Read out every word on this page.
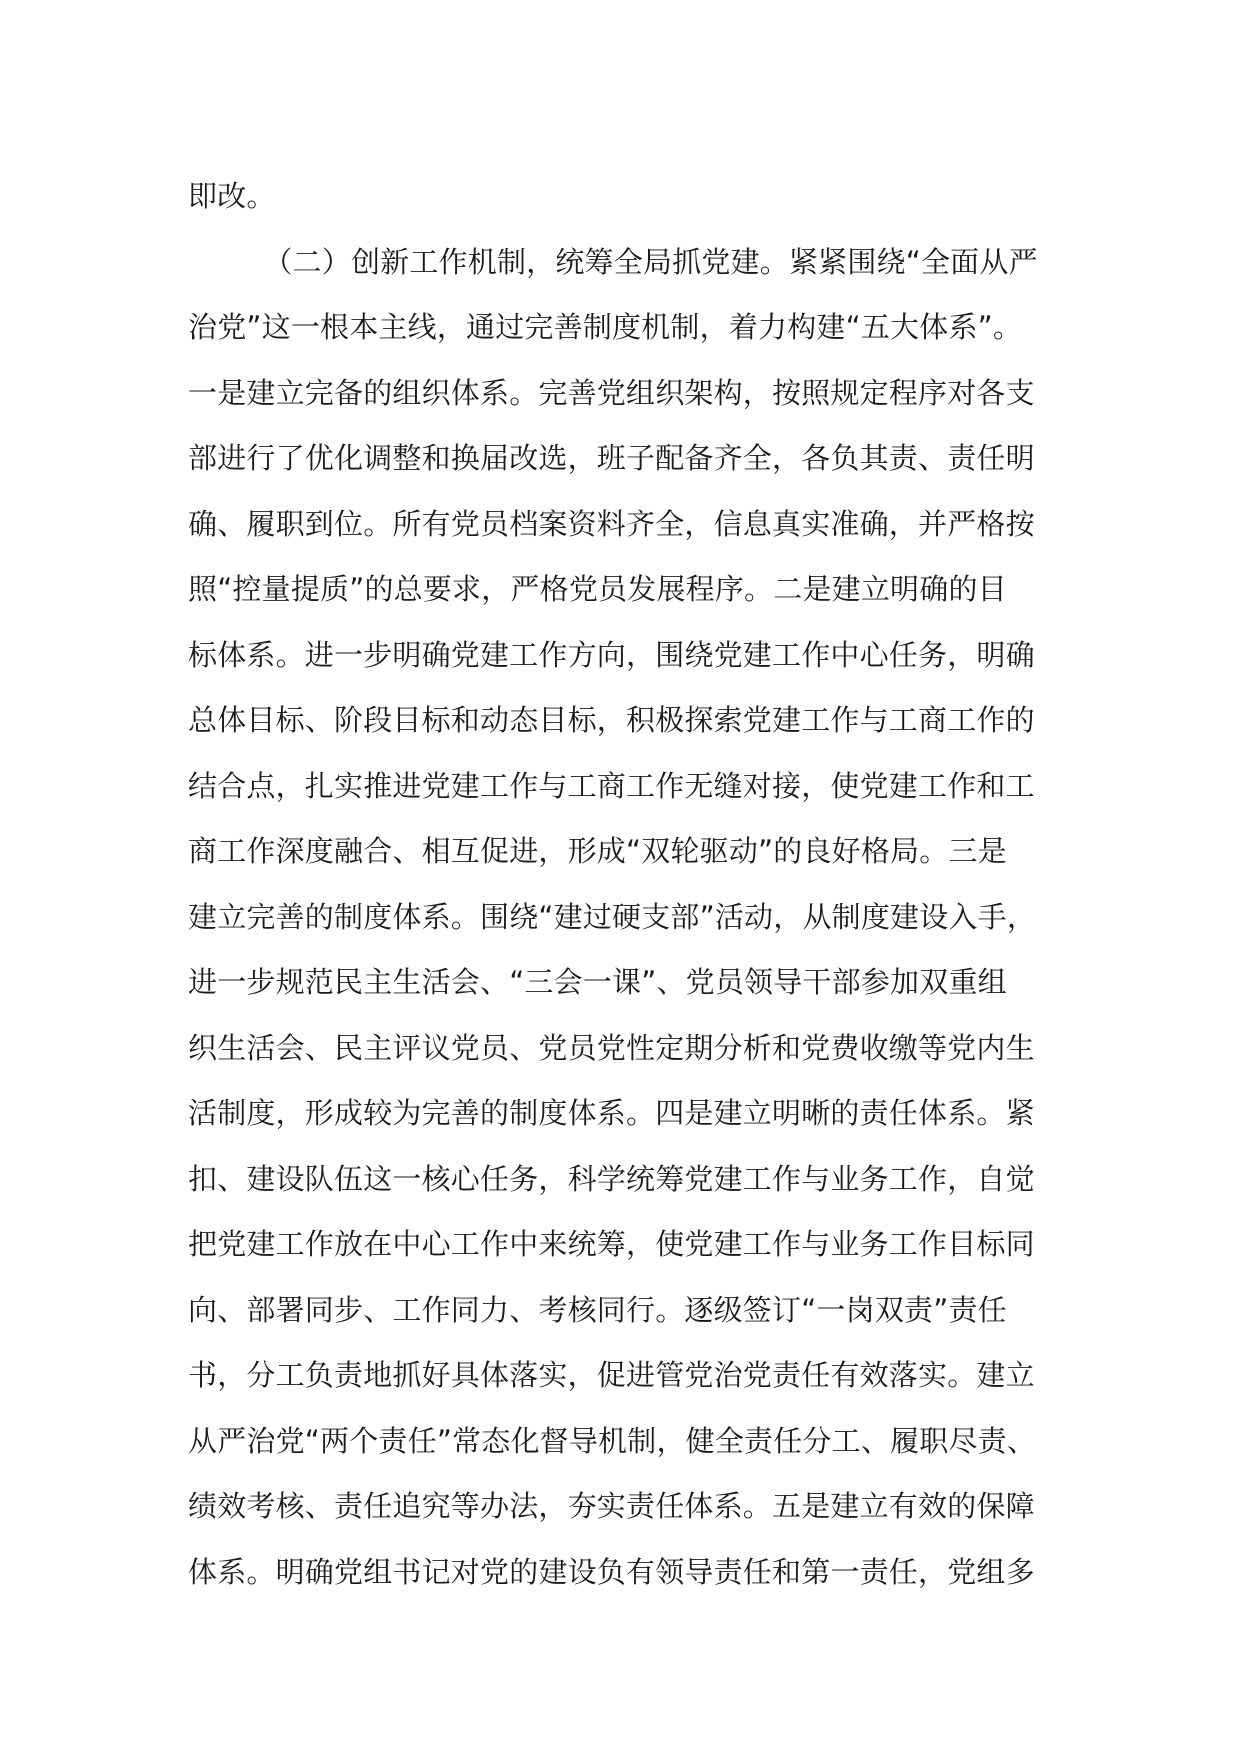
即改。
（二）创新工作机制，统筹全局抓党建。紧紧围绕“全面从严
治党”这一根本主线，通过完善制度机制，着力构建“五大体系”。
一是建立完备的组织体系。完善党组织架构，按照规定程序对各支
部进行了优化调整和换届改选，班子配备齐全，各负其责、责任明
确、履职到位。所有党员档案资料齐全，信息真实准确，并严格按
照“控量提质”的总要求，严格党员发展程序。二是建立明确的目
标体系。进一步明确党建工作方向，围绕党建工作中心任务，明确
总体目标、阶段目标和动态目标，积极探索党建工作与工商工作的
结合点，扎实推进党建工作与工商工作无缝对接，使党建工作和工
商工作深度融合、相互促进，形成“双轮驱动”的良好格局。三是
建立完善的制度体系。围绕“建过硬支部”活动，从制度建设入手，
进一步规范民主生活会、“三会一课”、党员领导干部参加双重组
织生活会、民主评议党员、党员党性定期分析和党费收缴等党内生
活制度，形成较为完善的制度体系。四是建立明晰的责任体系。紧
扣、建设队伍这一核心任务，科学统筹党建工作与业务工作，自觉
把党建工作放在中心工作中来统筹，使党建工作与业务工作目标同
向、部署同步、工作同力、考核同行。逐级签订“一岗双责”责任
书，分工负责地抓好具体落实，促进管党治党责任有效落实。建立
从严治党“两个责任”常态化督导机制，健全责任分工、履职尽责、
绩效考核、责任追究等办法，夯实责任体系。五是建立有效的保障
体系。明确党组书记对党的建设负有领导责任和第一责任，党组多
